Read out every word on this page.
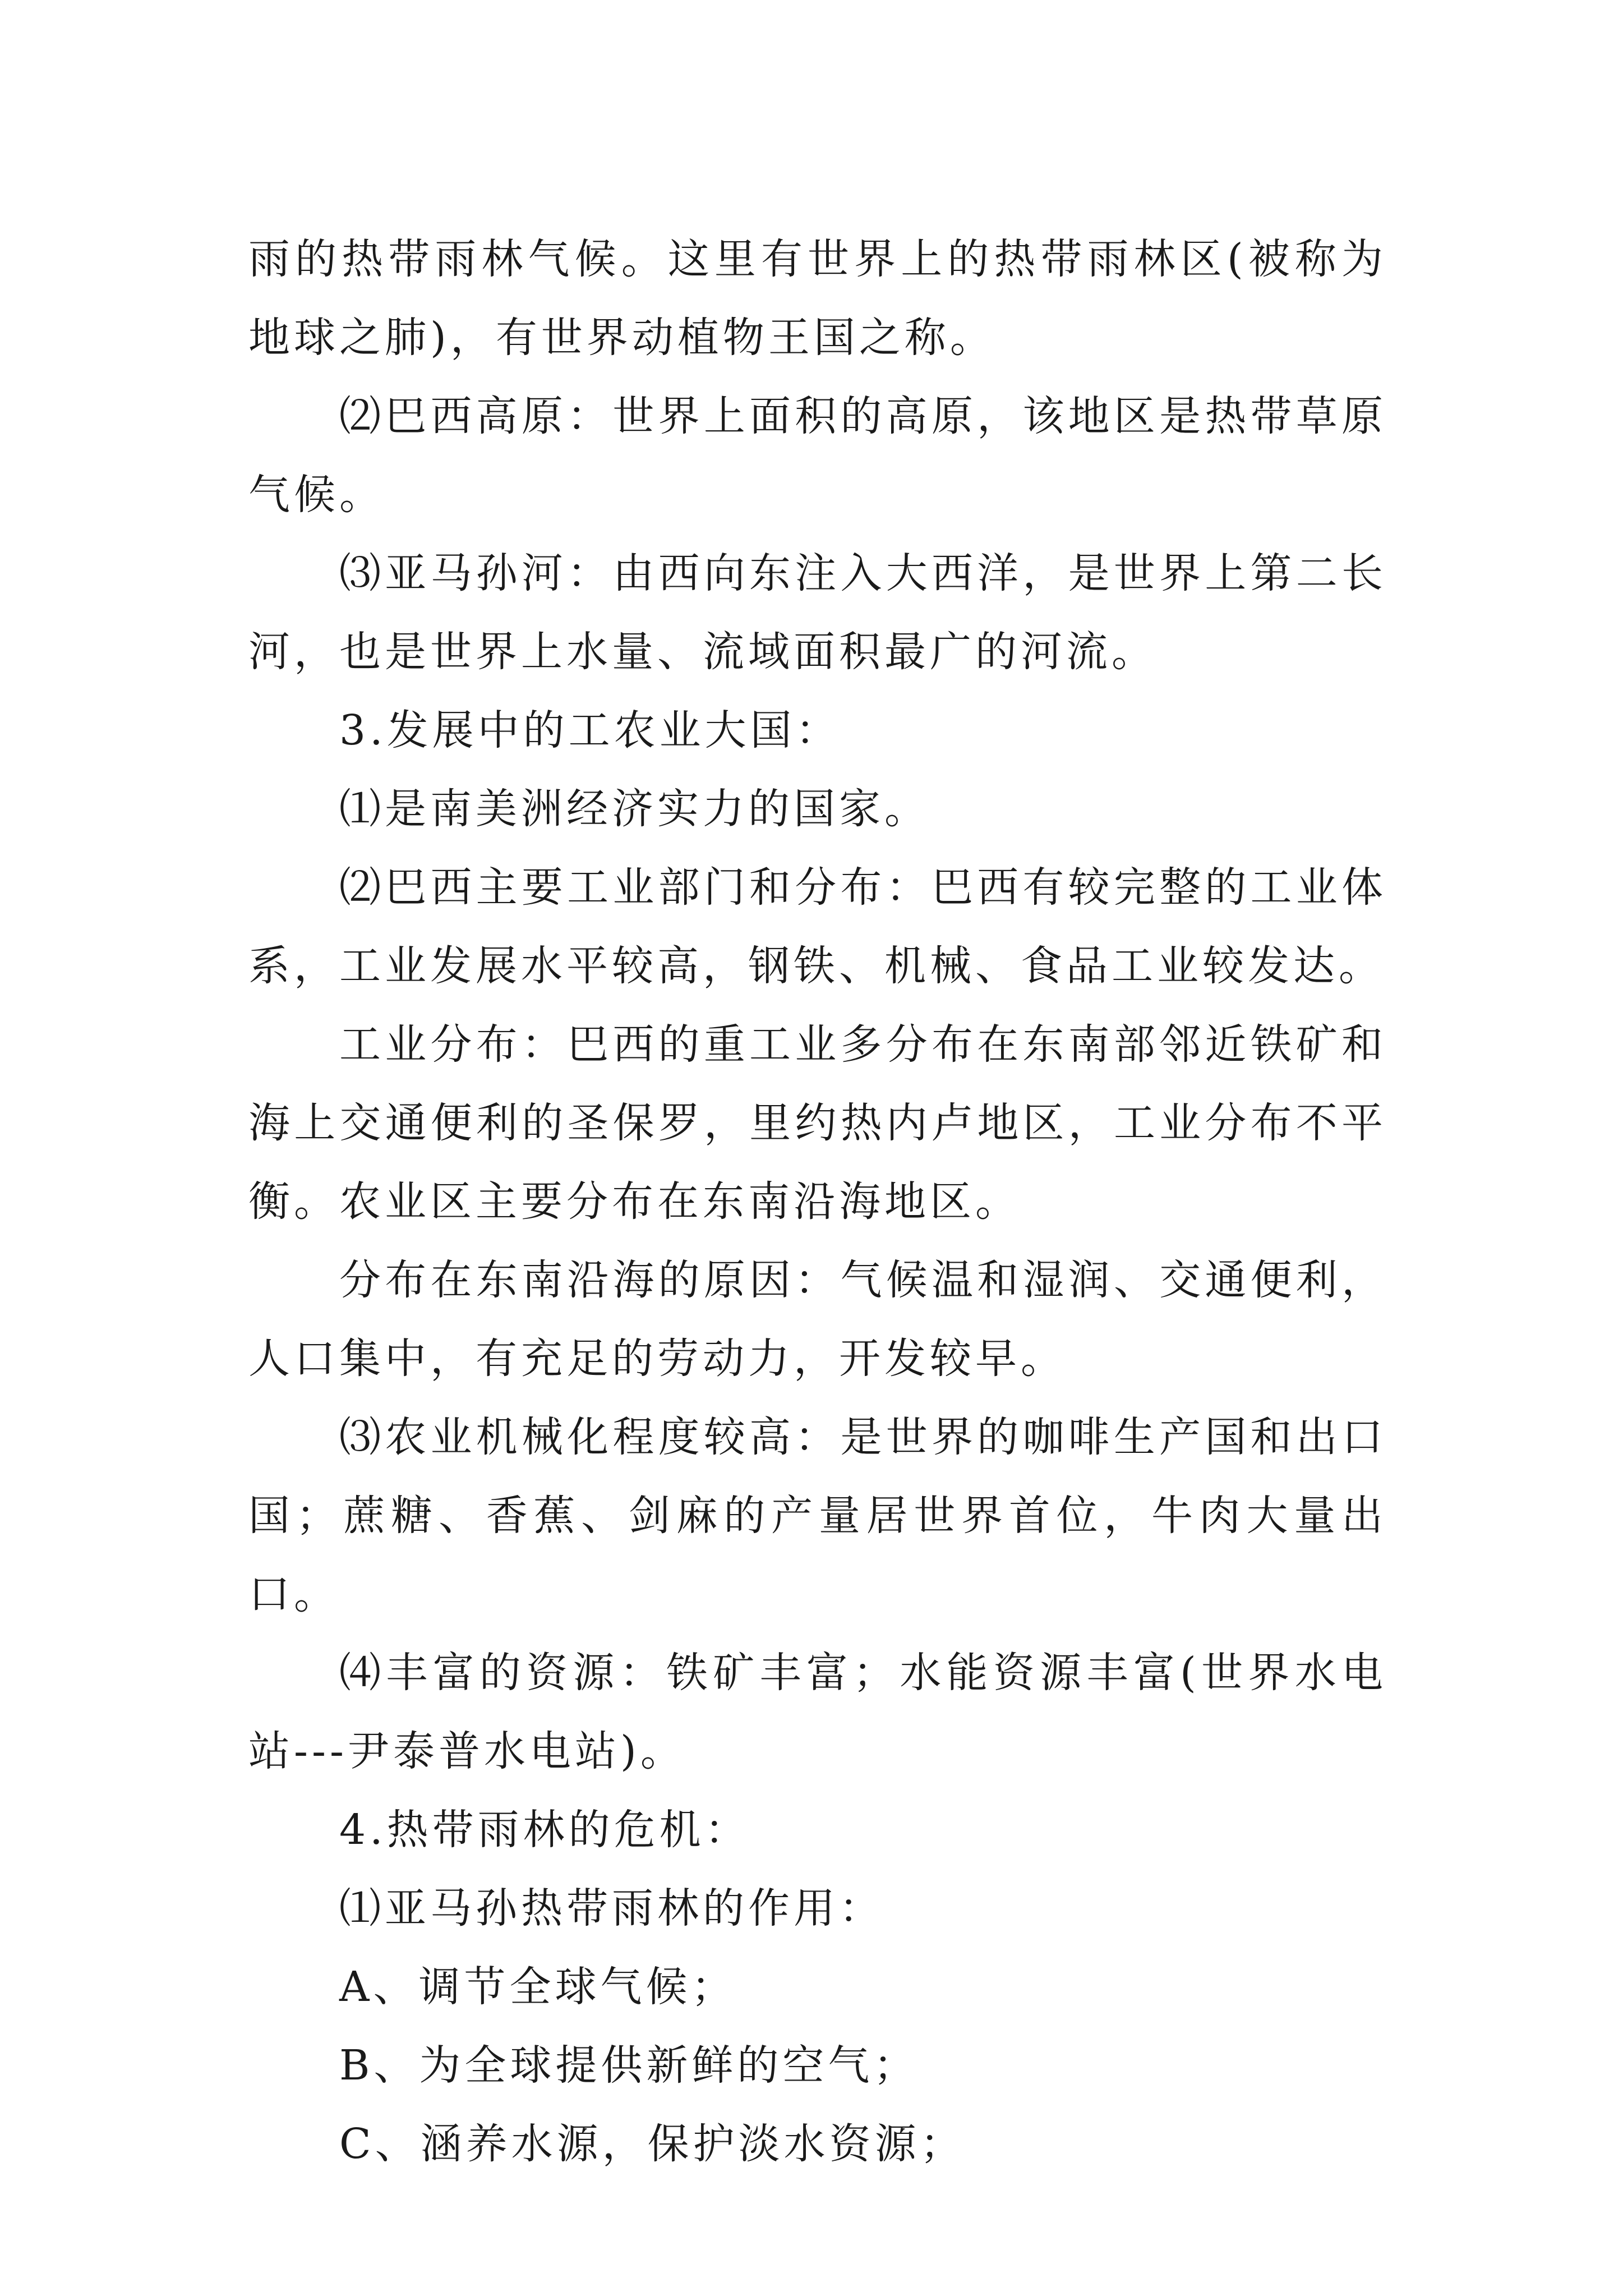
雨的热带雨林气候。这里有世界上的热带雨林区(被称为地球之肺)，有世界动植物王国之称。

⑵巴西高原：世界上面积的高原，该地区是热带草原气候。

⑶亚马孙河：由西向东注入大西洋，是世界上第二长河，也是世界上水量、流域面积最广的河流。

3.发展中的工农业大国：

⑴是南美洲经济实力的国家。

⑵巴西主要工业部门和分布：巴西有较完整的工业体系，工业发展水平较高，钢铁、机械、食品工业较发达。

工业分布：巴西的重工业多分布在东南部邻近铁矿和海上交通便利的圣保罗，里约热内卢地区，工业分布不平衡。农业区主要分布在东南沿海地区。

分布在东南沿海的原因：气候温和湿润、交通便利，人口集中，有充足的劳动力，开发较早。

⑶农业机械化程度较高：是世界的咖啡生产国和出口国；蔗糖、香蕉、剑麻的产量居世界首位，牛肉大量出口。

⑷丰富的资源：铁矿丰富；水能资源丰富(世界水电站---尹泰普水电站)。

4.热带雨林的危机：

⑴亚马孙热带雨林的作用：

A、调节全球气候；

B、为全球提供新鲜的空气；

C、涵养水源，保护淡水资源；
